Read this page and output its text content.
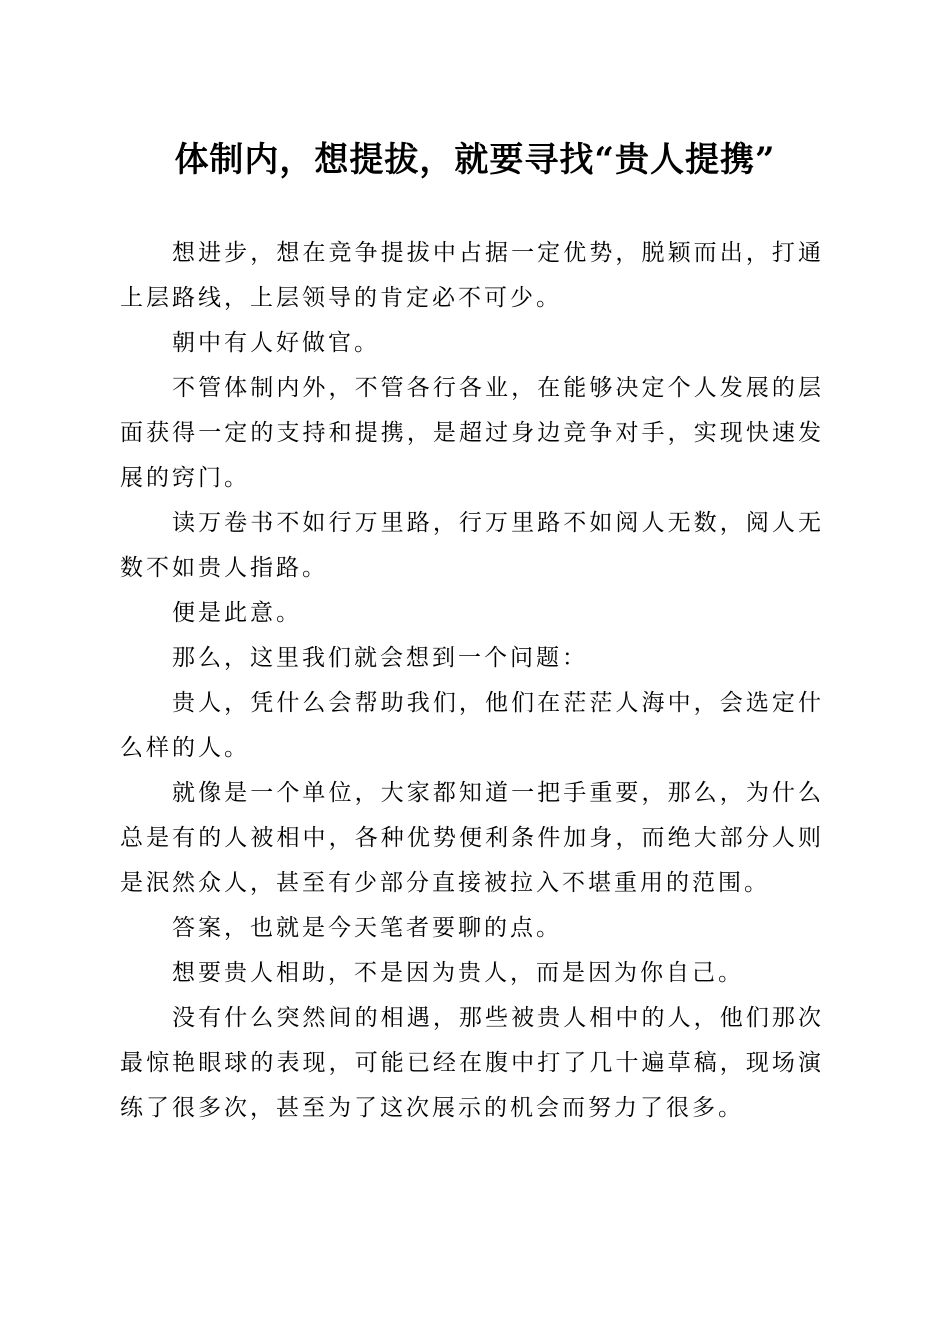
体制内，想提拔，就要寻找“贵人提携”

想进步，想在竞争提拔中占据一定优势，脱颖而出，打通上层路线，上层领导的肯定必不可少。

朝中有人好做官。

不管体制内外，不管各行各业，在能够决定个人发展的层面获得一定的支持和提携，是超过身边竞争对手，实现快速发展的窍门。

读万卷书不如行万里路，行万里路不如阅人无数，阅人无数不如贵人指路。

便是此意。

那么，这里我们就会想到一个问题：

贵人，凭什么会帮助我们，他们在茫茫人海中，会选定什么样的人。

就像是一个单位，大家都知道一把手重要，那么，为什么总是有的人被相中，各种优势便利条件加身，而绝大部分人则是泯然众人，甚至有少部分直接被拉入不堪重用的范围。

答案，也就是今天笔者要聊的点。

想要贵人相助，不是因为贵人，而是因为你自己。

没有什么突然间的相遇，那些被贵人相中的人，他们那次最惊艳眼球的表现，可能已经在腹中打了几十遍草稿，现场演练了很多次，甚至为了这次展示的机会而努力了很多。
